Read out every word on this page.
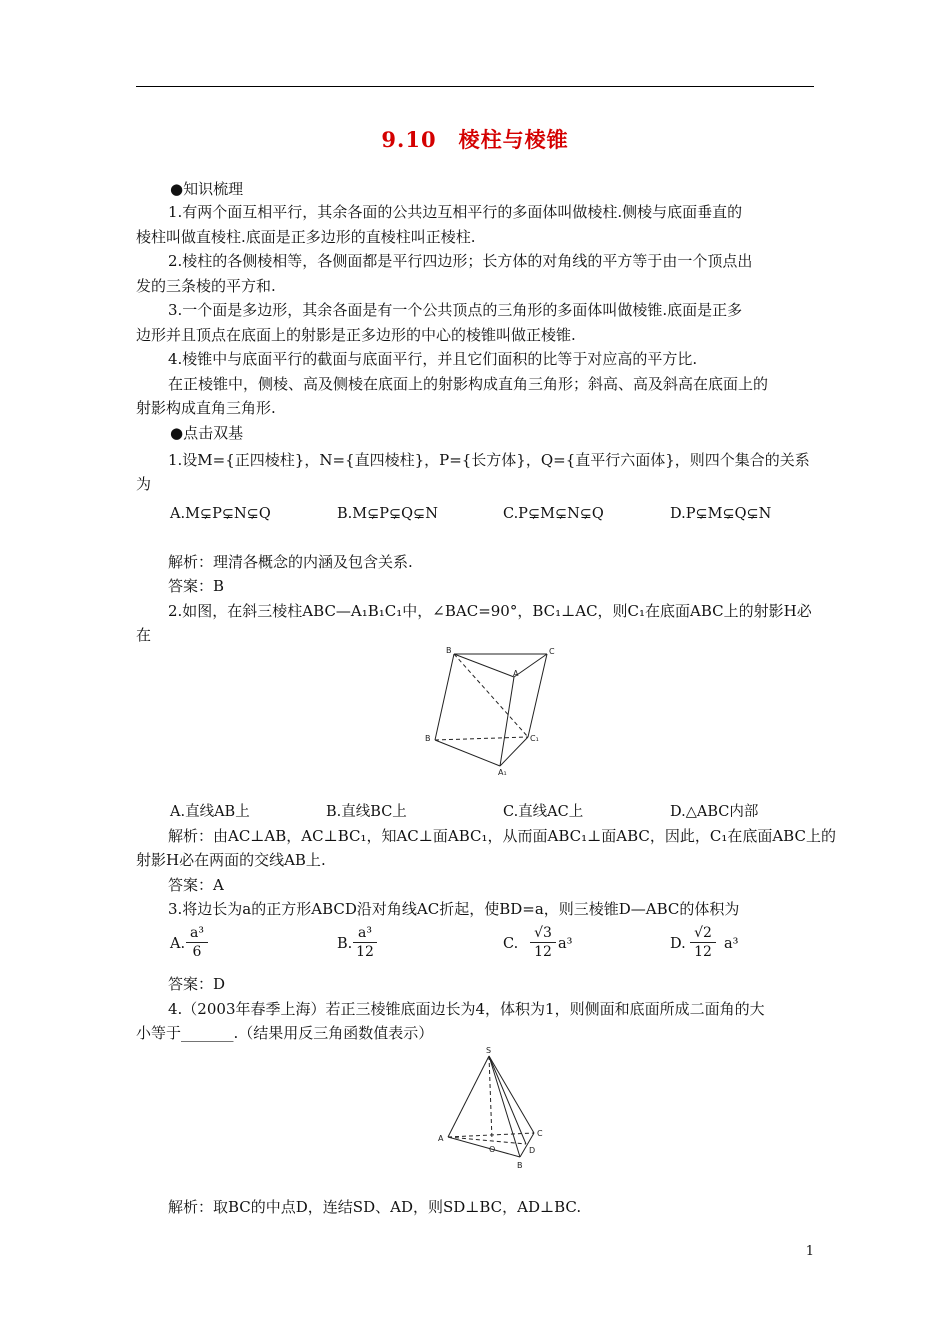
9.10　棱柱与棱锥
●知识梳理
1.有两个面互相平行，其余各面的公共边互相平行的多面体叫做棱柱.侧棱与底面垂直的
棱柱叫做直棱柱.底面是正多边形的直棱柱叫正棱柱.
2.棱柱的各侧棱相等，各侧面都是平行四边形；长方体的对角线的平方等于由一个顶点出
发的三条棱的平方和.
3.一个面是多边形，其余各面是有一个公共顶点的三角形的多面体叫做棱锥.底面是正多
边形并且顶点在底面上的射影是正多边形的中心的棱锥叫做正棱锥.
4.棱锥中与底面平行的截面与底面平行，并且它们面积的比等于对应高的平方比.
在正棱锥中，侧棱、高及侧棱在底面上的射影构成直角三角形；斜高、高及斜高在底面上的
射影构成直角三角形.
●点击双基
1.设M={正四棱柱}，N={直四棱柱}，P={长方体}，Q={直平行六面体}，则四个集合的关系
为
A.M⊊P⊊N⊊Q	B.M⊊P⊊Q⊊N	C.P⊊M⊊N⊊Q	D.P⊊M⊊Q⊊N
解析：理清各概念的内涵及包含关系.
答案：B
2.如图，在斜三棱柱ABC—A₁B₁C₁中，∠BAC=90°，BC₁⊥AC，则C₁在底面ABC上的射影H必
在
B	C
A
B	C₁
A₁
A.直线AB上	B.直线BC上	C.直线AC上	D.△ABC内部
解析：由AC⊥AB，AC⊥BC₁，知AC⊥面ABC₁，从而面ABC₁⊥面ABC，因此，C₁在底面ABC上的
射影H必在两面的交线AB上.
答案：A
3.将边长为a的正方形ABCD沿对角线AC折起，使BD=a，则三棱锥D—ABC的体积为
A. $\frac{\text{a³}}{6}$	B. $\frac{\text{a³}}{12}$	C. $\frac{√3}{12} a^3$	D. $\frac{√2}{12} a^3$
答案：D
4.（2003年春季上海）若正三棱锥底面边长为4，体积为1，则侧面和底面所成二面角的大
小等于_______.（结果用反三角函数值表示）
S
A
C
O	D
B
解析：取BC的中点D，连结SD、AD，则SD⊥BC，AD⊥BC.
1
